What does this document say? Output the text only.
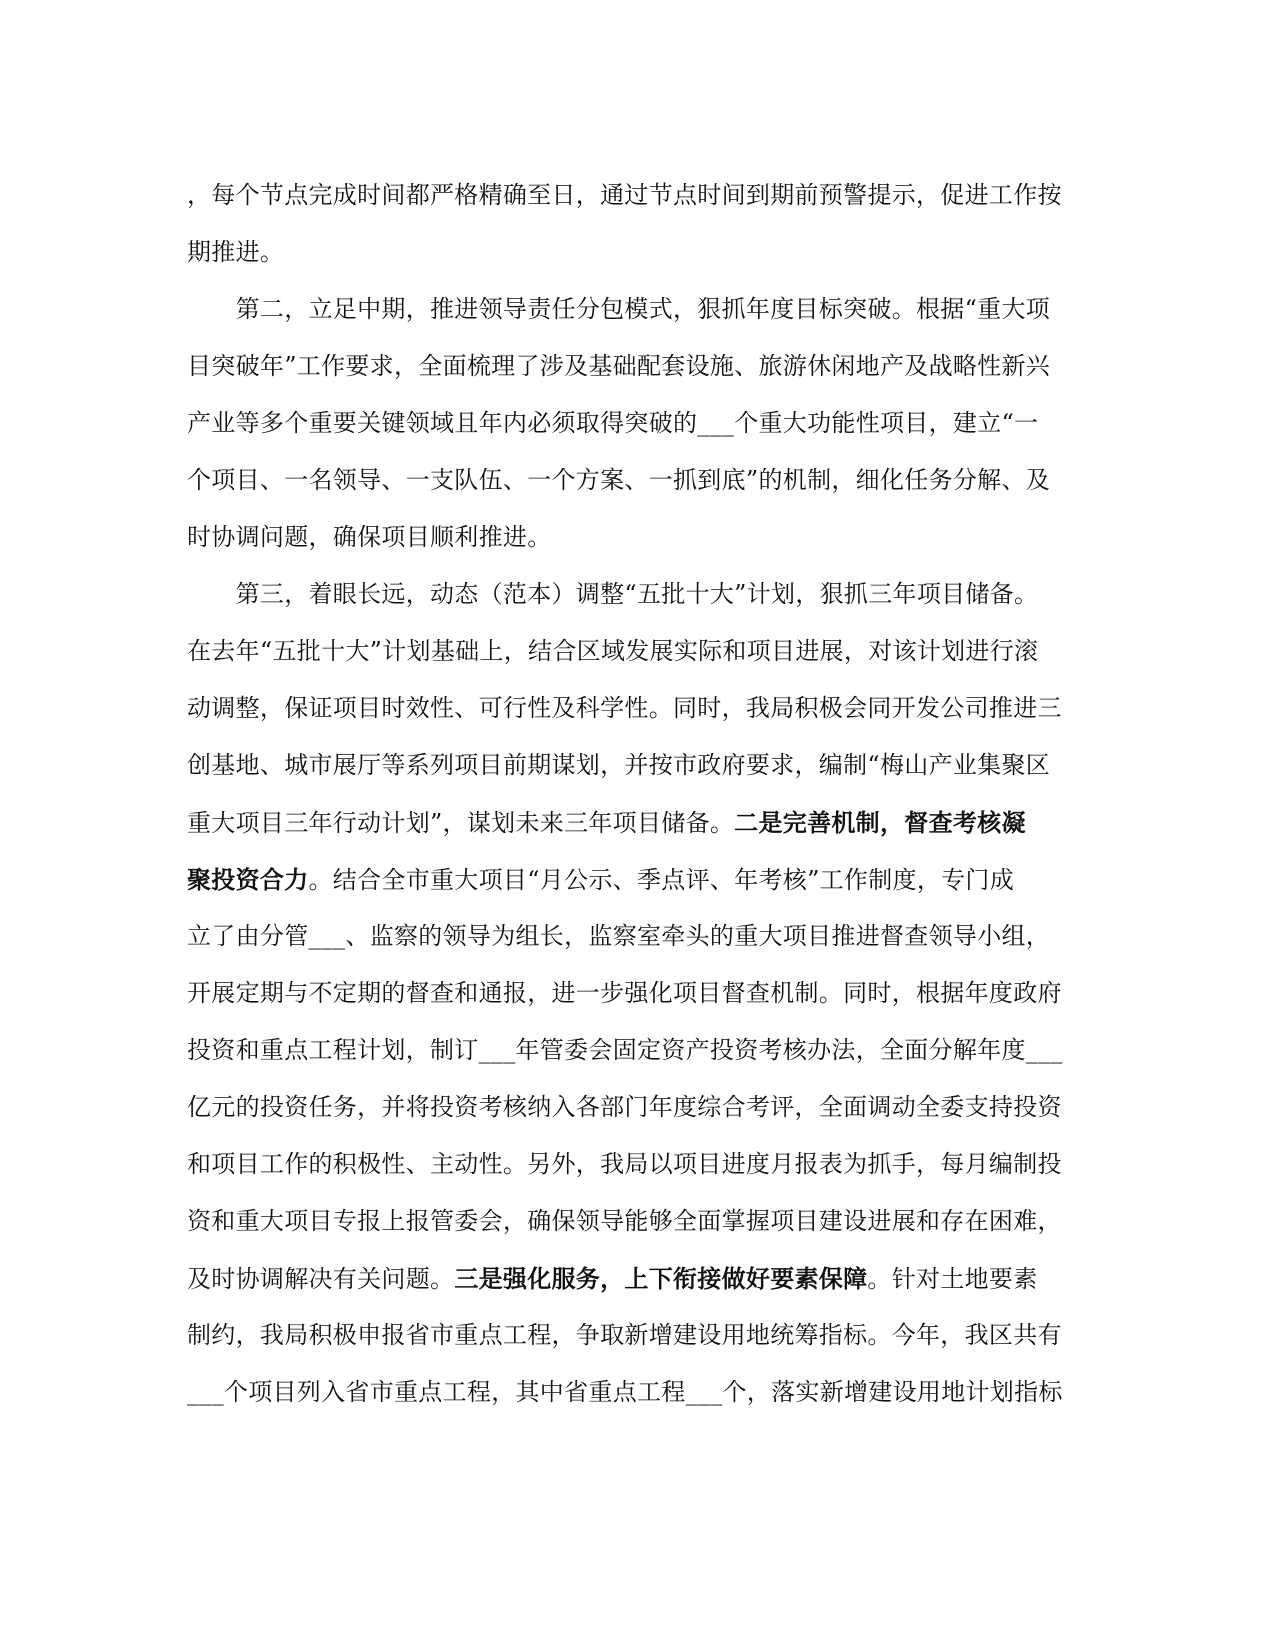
，每个节点完成时间都严格精确至日，通过节点时间到期前预警提示，促进工作按
期推进。
　　第二，立足中期，推进领导责任分包模式，狠抓年度目标突破。根据“重大项
目突破年”工作要求，全面梳理了涉及基础配套设施、旅游休闲地产及战略性新兴
产业等多个重要关键领域且年内必须取得突破的___个重大功能性项目，建立“一
个项目、一名领导、一支队伍、一个方案、一抓到底”的机制，细化任务分解、及
时协调问题，确保项目顺利推进。
　　第三，着眼长远，动态（范本）调整“五批十大”计划，狠抓三年项目储备。
在去年“五批十大”计划基础上，结合区域发展实际和项目进展，对该计划进行滚
动调整，保证项目时效性、可行性及科学性。同时，我局积极会同开发公司推进三
创基地、城市展厅等系列项目前期谋划，并按市政府要求，编制“梅山产业集聚区
重大项目三年行动计划”，谋划未来三年项目储备。二是完善机制，督查考核凝
聚投资合力。结合全市重大项目“月公示、季点评、年考核”工作制度，专门成
立了由分管___、监察的领导为组长，监察室牵头的重大项目推进督查领导小组，
开展定期与不定期的督查和通报，进一步强化项目督查机制。同时，根据年度政府
投资和重点工程计划，制订___年管委会固定资产投资考核办法，全面分解年度___
亿元的投资任务，并将投资考核纳入各部门年度综合考评，全面调动全委支持投资
和项目工作的积极性、主动性。另外，我局以项目进度月报表为抓手，每月编制投
资和重大项目专报上报管委会，确保领导能够全面掌握项目建设进展和存在困难，
及时协调解决有关问题。三是强化服务，上下衔接做好要素保障。针对土地要素
制约，我局积极申报省市重点工程，争取新增建设用地统筹指标。今年，我区共有
___个项目列入省市重点工程，其中省重点工程___个，落实新增建设用地计划指标
